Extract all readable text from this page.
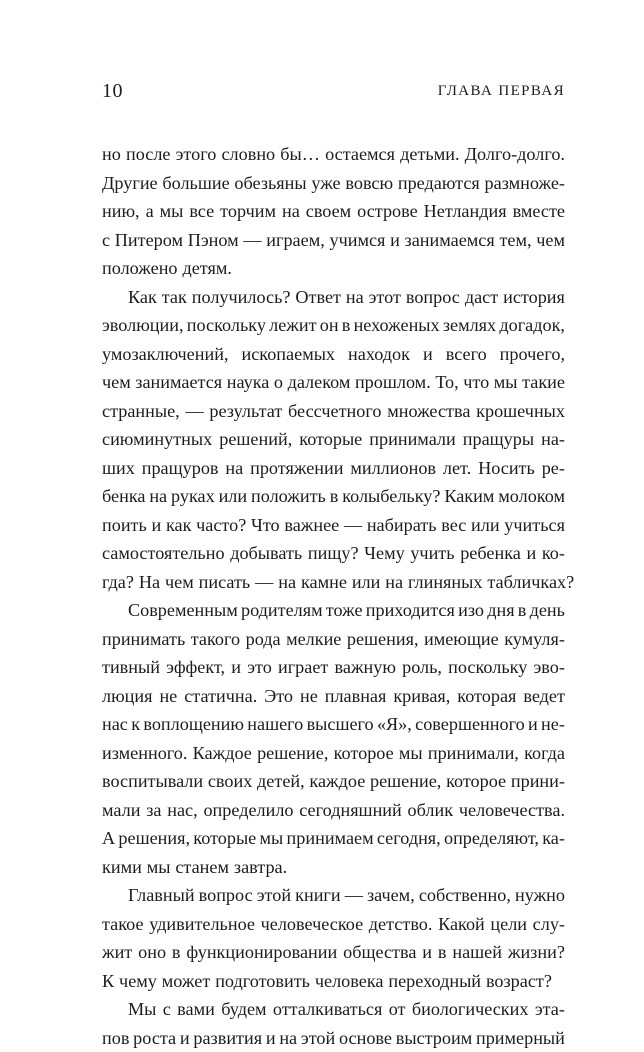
10	ГЛАВА ПЕРВАЯ
но после этого словно бы… остаемся детьми. Долго-долго.
Другие большие обезьяны уже вовсю предаются размноже-
нию, а мы все торчим на своем острове Нетландия вместе
с Питером Пэном — играем, учимся и занимаемся тем, чем
положено детям.
Как так получилось? Ответ на этот вопрос даст история
эволюции, поскольку лежит он в нехоженых землях догадок,
умозаключений, ископаемых находок и всего прочего,
чем занимается наука о далеком прошлом. То, что мы такие
странные, — результат бессчетного множества крошечных
сиюминутных решений, которые принимали пращуры на-
ших пращуров на протяжении миллионов лет. Носить ре-
бенка на руках или положить в колыбельку? Каким молоком
поить и как часто? Что важнее — набирать вес или учиться
самостоятельно добывать пищу? Чему учить ребенка и ко-
гда? На чем писать — на камне или на глиняных табличках?
Современным родителям тоже приходится изо дня в день
принимать такого рода мелкие решения, имеющие кумуля-
тивный эффект, и это играет важную роль, поскольку эво-
люция не статична. Это не плавная кривая, которая ведет
нас к воплощению нашего высшего «Я», совершенного и не-
изменного. Каждое решение, которое мы принимали, когда
воспитывали своих детей, каждое решение, которое прини-
мали за нас, определило сегодняшний облик человечества.
А решения, которые мы принимаем сегодня, определяют, ка-
кими мы станем завтра.
Главный вопрос этой книги — зачем, собственно, нужно
такое удивительное человеческое детство. Какой цели слу-
жит оно в функционировании общества и в нашей жизни?
К чему может подготовить человека переходный возраст?
Мы с вами будем отталкиваться от биологических эта-
пов роста и развития и на этой основе выстроим примерный
